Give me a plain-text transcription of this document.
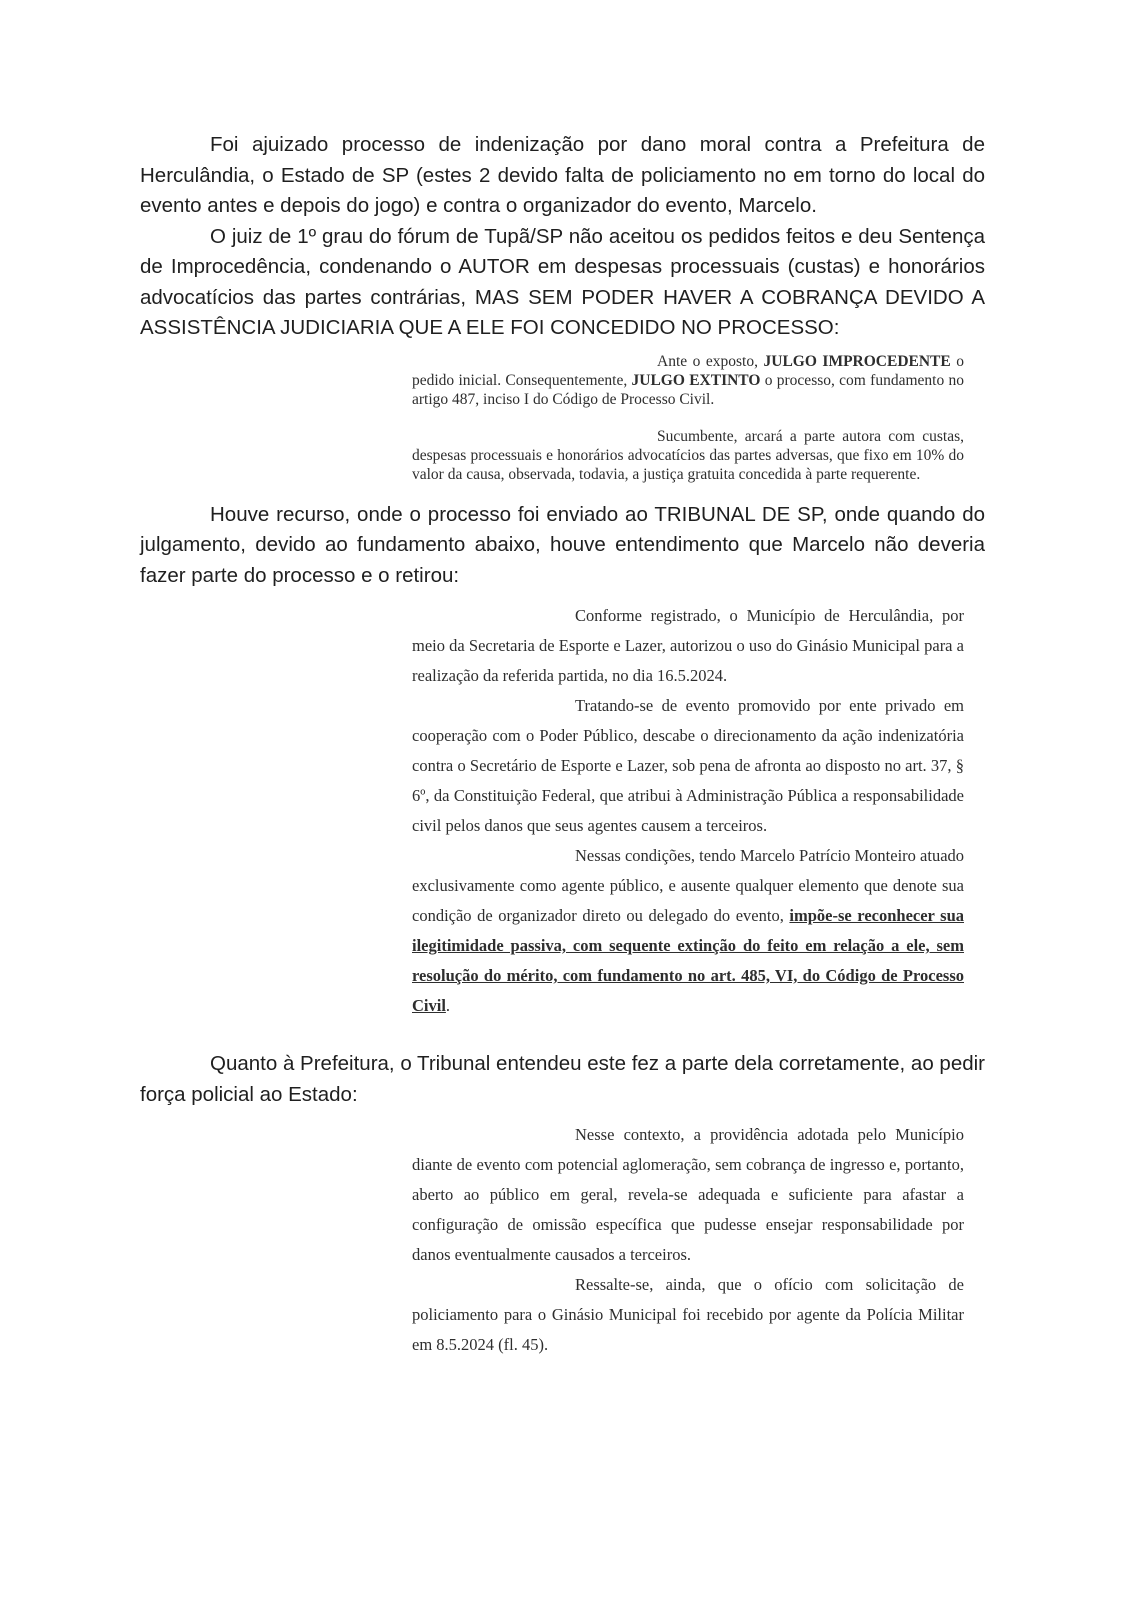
Foi ajuizado processo de indenização por dano moral contra a Prefeitura de Herculândia, o Estado de SP (estes 2 devido falta de policiamento no em torno do local do evento antes e depois do jogo) e contra o organizador do evento, Marcelo.

O juiz de 1º grau do fórum de Tupã/SP não aceitou os pedidos feitos e deu Sentença de Improcedência, condenando o AUTOR em despesas processuais (custas) e honorários advocatícios das partes contrárias, MAS SEM PODER HAVER A COBRANÇA DEVIDO A ASSISTÊNCIA JUDICIARIA QUE A ELE FOI CONCEDIDO NO PROCESSO:

Ante o exposto, JULGO IMPROCEDENTE o pedido inicial. Consequentemente, JULGO EXTINTO o processo, com fundamento no artigo 487, inciso I do Código de Processo Civil.

Sucumbente, arcará a parte autora com custas, despesas processuais e honorários advocatícios das partes adversas, que fixo em 10% do valor da causa, observada, todavia, a justiça gratuita concedida à parte requerente.

Houve recurso, onde o processo foi enviado ao TRIBUNAL DE SP, onde quando do julgamento, devido ao fundamento abaixo, houve entendimento que Marcelo não deveria fazer parte do processo e o retirou:

Conforme registrado, o Município de Herculândia, por meio da Secretaria de Esporte e Lazer, autorizou o uso do Ginásio Municipal para a realização da referida partida, no dia 16.5.2024.

Tratando-se de evento promovido por ente privado em cooperação com o Poder Público, descabe o direcionamento da ação indenizatória contra o Secretário de Esporte e Lazer, sob pena de afronta ao disposto no art. 37, § 6º, da Constituição Federal, que atribui à Administração Pública a responsabilidade civil pelos danos que seus agentes causem a terceiros.

Nessas condições, tendo Marcelo Patrício Monteiro atuado exclusivamente como agente público, e ausente qualquer elemento que denote sua condição de organizador direto ou delegado do evento, impõe-se reconhecer sua ilegitimidade passiva, com sequente extinção do feito em relação a ele, sem resolução do mérito, com fundamento no art. 485, VI, do Código de Processo Civil.

Quanto à Prefeitura, o Tribunal entendeu este fez a parte dela corretamente, ao pedir força policial ao Estado:

Nesse contexto, a providência adotada pelo Município diante de evento com potencial aglomeração, sem cobrança de ingresso e, portanto, aberto ao público em geral, revela-se adequada e suficiente para afastar a configuração de omissão específica que pudesse ensejar responsabilidade por danos eventualmente causados a terceiros.

Ressalte-se, ainda, que o ofício com solicitação de policiamento para o Ginásio Municipal foi recebido por agente da Polícia Militar em 8.5.2024 (fl. 45).
